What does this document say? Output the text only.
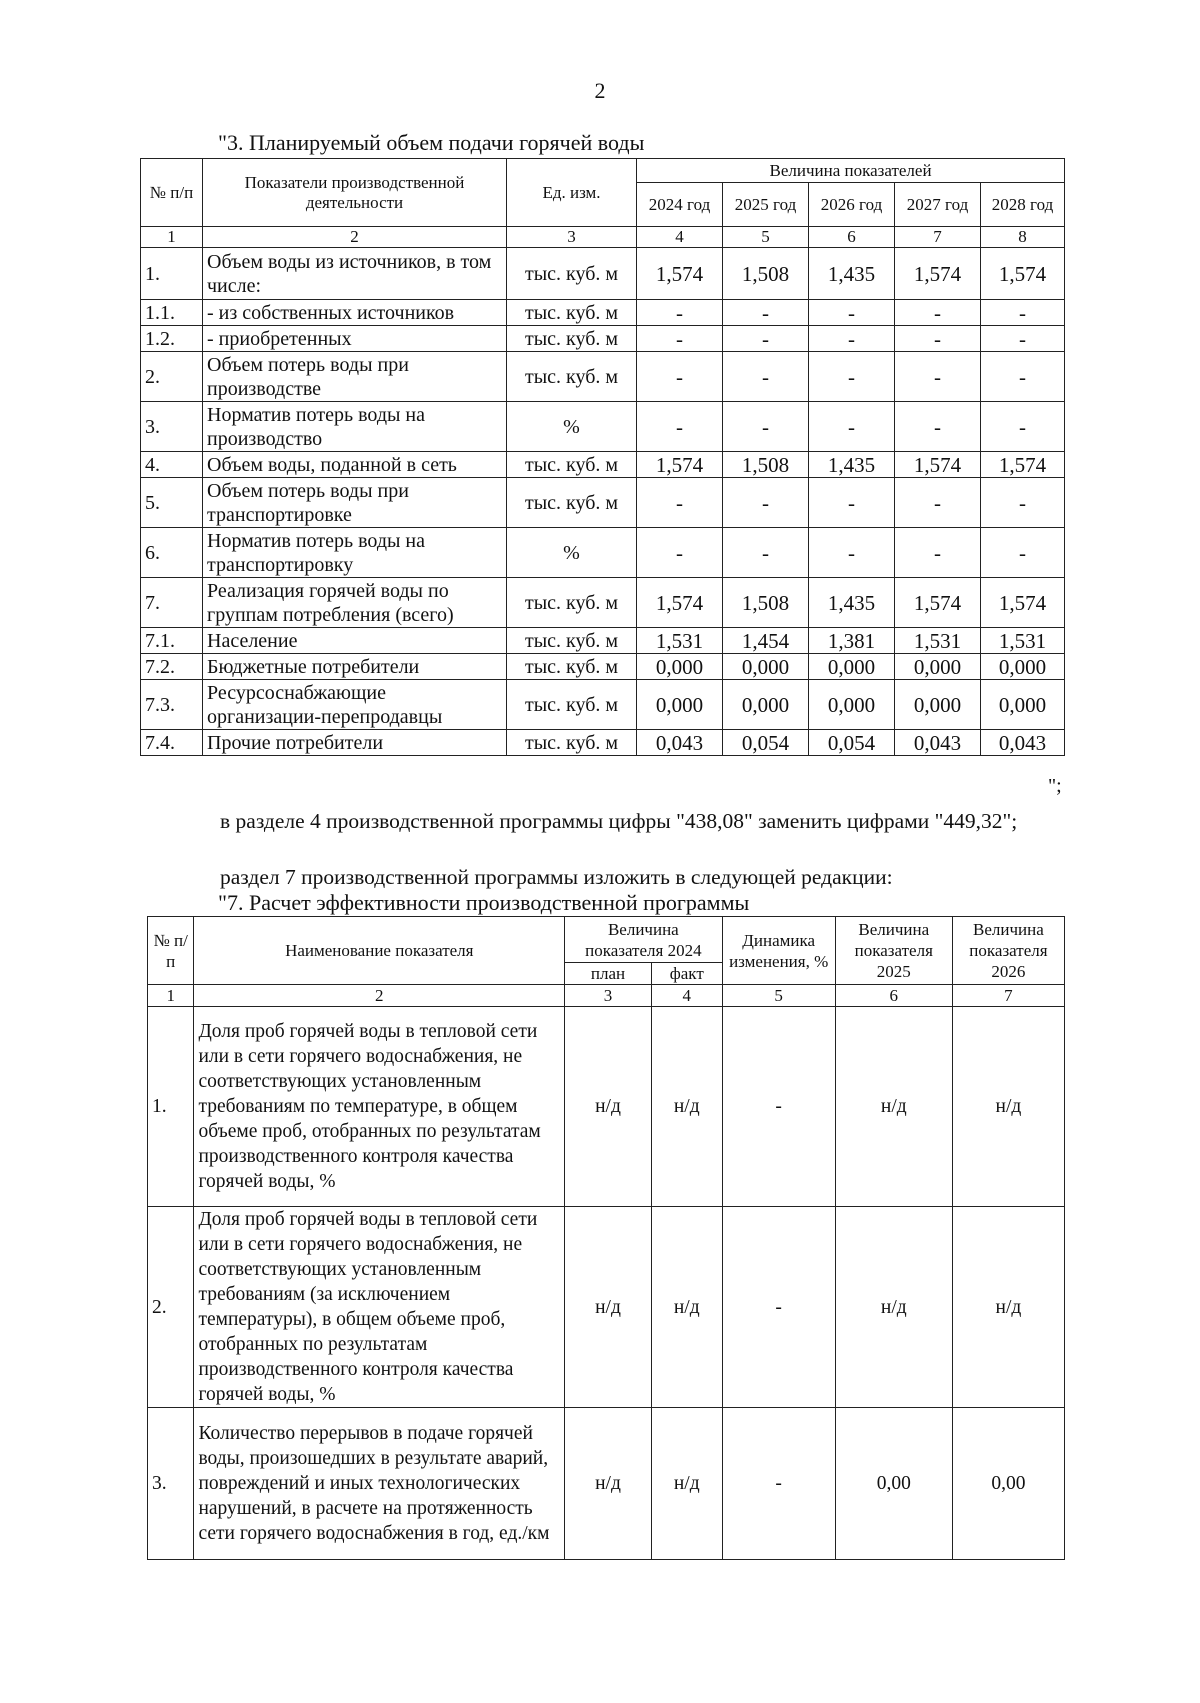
2
"3. Планируемый объем подачи горячей воды
№ п/п	Показатели производственной деятельности	Ед. изм.	Величина показателей				
			2024 год	2025 год	2026 год	2027 год	2028 год
1	2	3	4	5	6	7	8
1.	Объем воды из источников, в том числе:	тыс. куб. м	1,574	1,508	1,435	1,574	1,574
1.1.	- из собственных источников	тыс. куб. м	-	-	-	-	-
1.2.	- приобретенных	тыс. куб. м	-	-	-	-	-
2.	Объем потерь воды при производстве	тыс. куб. м	-	-	-	-	-
3.	Норматив потерь воды на производство	%	-	-	-	-	-
4.	Объем воды, поданной в сеть	тыс. куб. м	1,574	1,508	1,435	1,574	1,574
5.	Объем потерь воды при транспортировке	тыс. куб. м	-	-	-	-	-
6.	Норматив потерь воды на транспортировку	%	-	-	-	-	-
7.	Реализация горячей воды по группам потребления (всего)	тыс. куб. м	1,574	1,508	1,435	1,574	1,574
7.1.	Население	тыс. куб. м	1,531	1,454	1,381	1,531	1,531
7.2.	Бюджетные потребители	тыс. куб. м	0,000	0,000	0,000	0,000	0,000
7.3.	Ресурсоснабжающие организации-перепродавцы	тыс. куб. м	0,000	0,000	0,000	0,000	0,000
7.4.	Прочие потребители	тыс. куб. м	0,043	0,054	0,054	0,043	0,043
";
в разделе 4 производственной программы цифры "438,08" заменить цифрами "449,32";
раздел 7 производственной программы изложить в следующей редакции:
"7. Расчет эффективности производственной программы
№ п/п	Наименование показателя	Величина показателя 2024		Динамика изменения, %	Величина показателя 2025	Величина показателя 2026
		план	факт			
1	2	3	4	5	6	7
1.	Доля проб горячей воды в тепловой сети или в сети горячего водоснабжения, не соответствующих установленным требованиям по температуре, в общем объеме проб, отобранных по результатам производственного контроля качества горячей воды, %	н/д	н/д	-	н/д	н/д
2.	Доля проб горячей воды в тепловой сети или в сети горячего водоснабжения, не соответствующих установленным требованиям (за исключением температуры), в общем объеме проб, отобранных по результатам производственного контроля качества горячей воды, %	н/д	н/д	-	н/д	н/д
3.	Количество перерывов в подаче горячей воды, произошедших в результате аварий, повреждений и иных технологических нарушений, в расчете на протяженность сети горячего водоснабжения в год, ед./км	н/д	н/д	-	0,00	0,00
